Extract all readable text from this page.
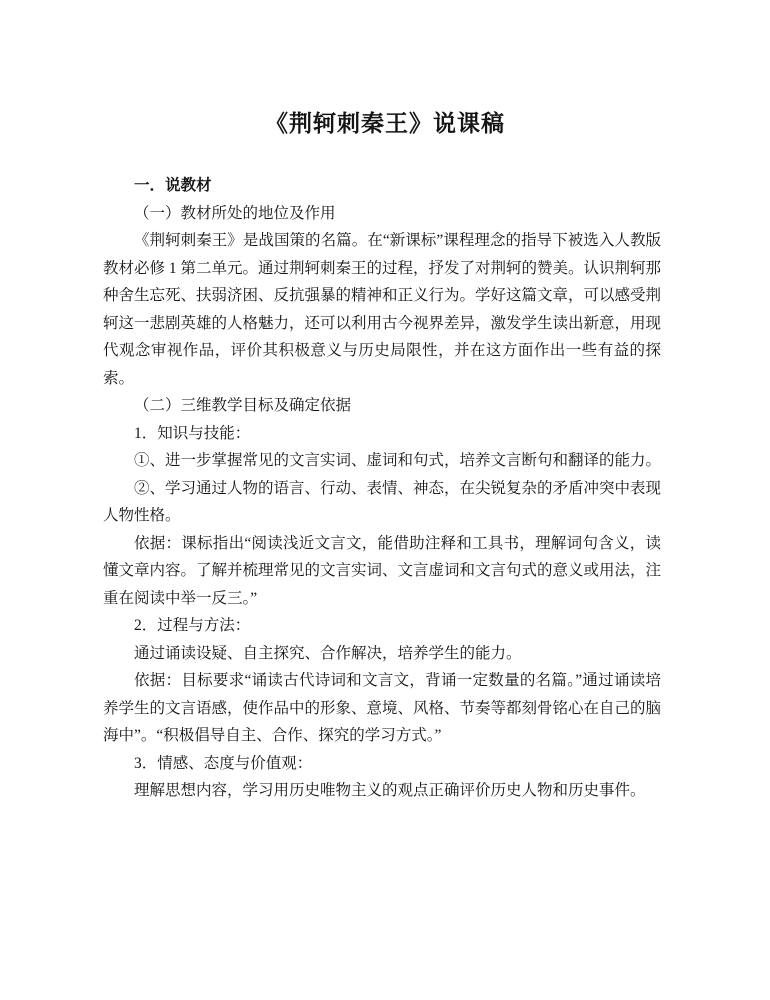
《荆轲刺秦王》说课稿

一．说教材

（一）教材所处的地位及作用

《荆轲刺秦王》是战国策的名篇。在“新课标”课程理念的指导下被选入人教版教材必修 1 第二单元。通过荆轲刺秦王的过程，抒发了对荆轲的赞美。认识荆轲那种舍生忘死、扶弱济困、反抗强暴的精神和正义行为。学好这篇文章，可以感受荆轲这一悲剧英雄的人格魅力，还可以利用古今视界差异，激发学生读出新意，用现代观念审视作品，评价其积极意义与历史局限性，并在这方面作出一些有益的探索。

（二）三维教学目标及确定依据

1．知识与技能：

①、进一步掌握常见的文言实词、虚词和句式，培养文言断句和翻译的能力。

②、学习通过人物的语言、行动、表情、神态，在尖锐复杂的矛盾冲突中表现人物性格。

依据：课标指出“阅读浅近文言文，能借助注释和工具书，理解词句含义，读懂文章内容。了解并梳理常见的文言实词、文言虚词和文言句式的意义或用法，注重在阅读中举一反三。”

2．过程与方法：

通过诵读设疑、自主探究、合作解决，培养学生的能力。

依据：目标要求“诵读古代诗词和文言文，背诵一定数量的名篇。”通过诵读培养学生的文言语感，使作品中的形象、意境、风格、节奏等都刻骨铭心在自己的脑海中”。“积极倡导自主、合作、探究的学习方式。”

3．情感、态度与价值观：

理解思想内容，学习用历史唯物主义的观点正确评价历史人物和历史事件。
